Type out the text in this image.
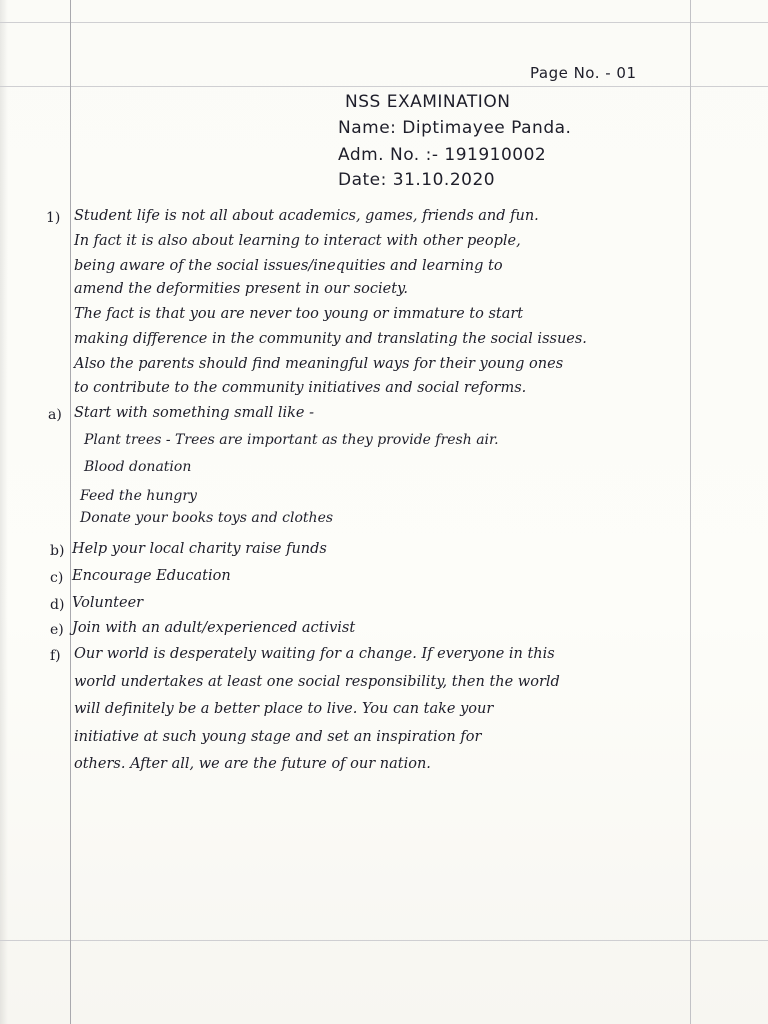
Page No. - 01
NSS EXAMINATION
Name: Diptimayee Panda.
Adm. No. :- 191910002
Date: 31.10.2020
1) Student life is not all about academics, games, friends and fun.
In fact it is also about learning to interact with other people,
being aware of the social issues/inequities and learning to
amend the deformities present in our society.
The fact is that you are never too young or immature to start
making difference in the community and translating the social issues.
Also the parents should find meaningful ways for their young ones
to contribute to the community initiatives and social reforms.
a) Start with something small like -
Plant trees - Trees are important as they provide fresh air.
Blood donation
Feed the hungry
Donate your books toys and clothes
b) Help your local charity raise funds
c) Encourage Education
d) Volunteer
e) Join with an adult/experienced activist
f) Our world is desperately waiting for a change. If everyone in this
world undertakes at least one social responsibility, then the world
will definitely be a better place to live. You can take your
initiative at such young stage and set an inspiration for
others. After all, we are the future of our nation.
